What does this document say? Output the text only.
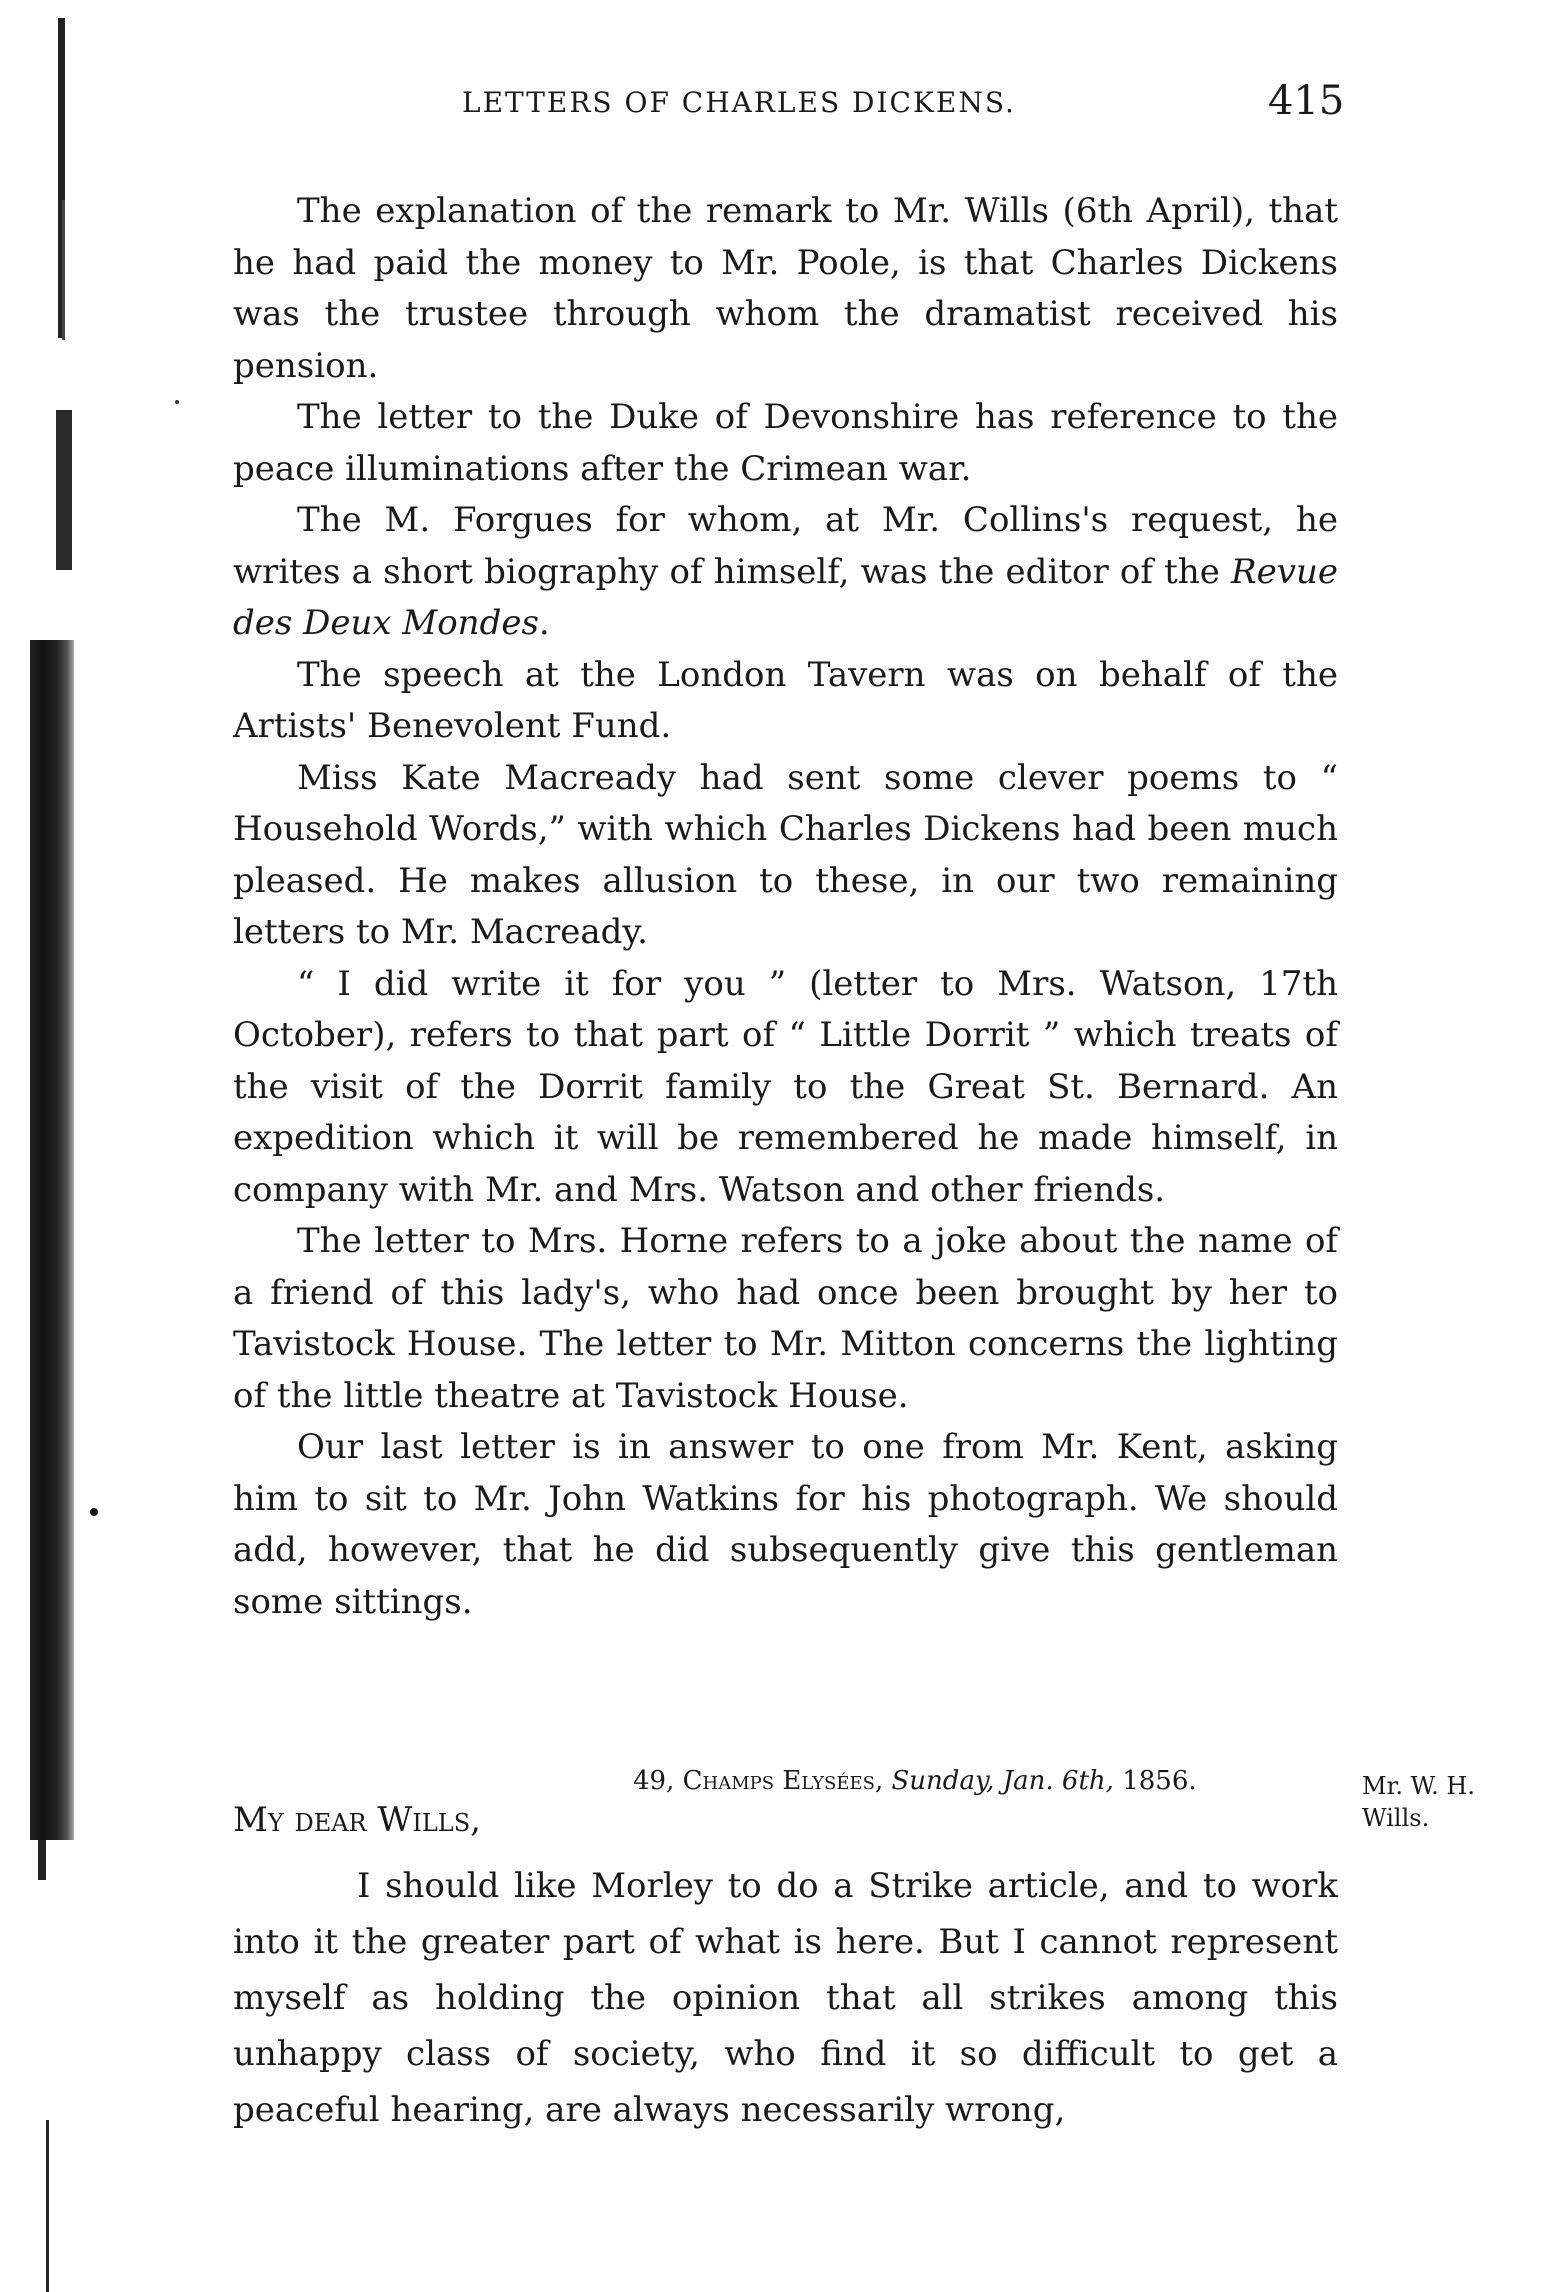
LETTERS OF CHARLES DICKENS.	415

The explanation of the remark to Mr. Wills (6th April), that he had paid the money to Mr. Poole, is that Charles Dickens was the trustee through whom the dramatist received his pension.

The letter to the Duke of Devonshire has reference to the peace illuminations after the Crimean war.

The M. Forgues for whom, at Mr. Collins's request, he writes a short biography of himself, was the editor of the Revue des Deux Mondes.

The speech at the London Tavern was on behalf of the Artists' Benevolent Fund.

Miss Kate Macready had sent some clever poems to “ Household Words,” with which Charles Dickens had been much pleased. He makes allusion to these, in our two remaining letters to Mr. Macready.

“ I did write it for you ” (letter to Mrs. Watson, 17th October), refers to that part of “ Little Dorrit ” which treats of the visit of the Dorrit family to the Great St. Bernard. An expedition which it will be remembered he made himself, in company with Mr. and Mrs. Watson and other friends.

The letter to Mrs. Horne refers to a joke about the name of a friend of this lady's, who had once been brought by her to Tavistock House. The letter to Mr. Mitton concerns the lighting of the little theatre at Tavistock House.

Our last letter is in answer to one from Mr. Kent, asking him to sit to Mr. John Watkins for his photograph. We should add, however, that he did subsequently give this gentleman some sittings.

49, Champs Elysées, Sunday, Jan. 6th, 1856.
My dear Wills,
Mr. W. H.
Wills.

I should like Morley to do a Strike article, and to work into it the greater part of what is here. But I cannot represent myself as holding the opinion that all strikes among this unhappy class of society, who find it so difficult to get a peaceful hearing, are always necessarily wrong,
